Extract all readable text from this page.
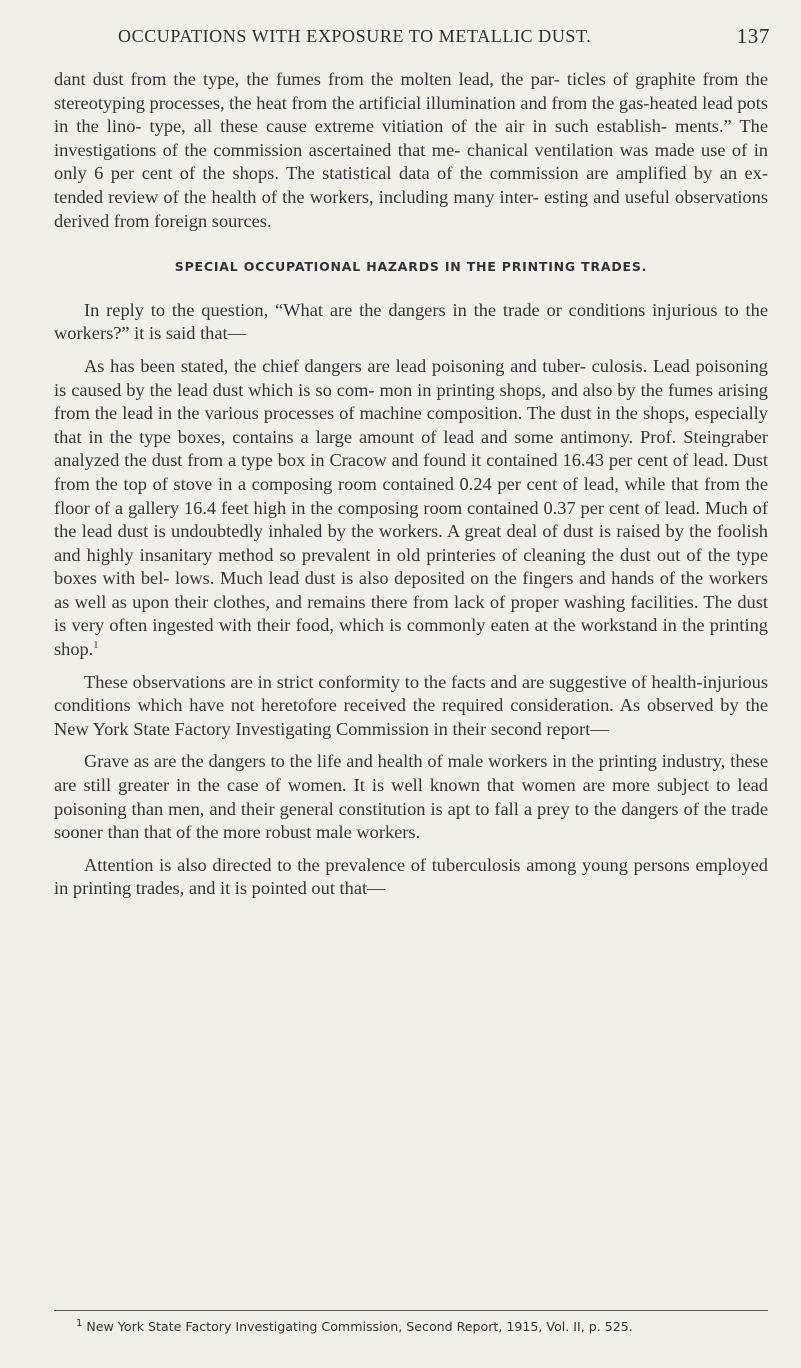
OCCUPATIONS WITH EXPOSURE TO METALLIC DUST.	137

dant dust from the type, the fumes from the molten lead, the par- ticles of graphite from the stereotyping processes, the heat from the artificial illumination and from the gas-heated lead pots in the lino- type, all these cause extreme vitiation of the air in such establish- ments.” The investigations of the commission ascertained that me- chanical ventilation was made use of in only 6 per cent of the shops. The statistical data of the commission are amplified by an ex- tended review of the health of the workers, including many inter- esting and useful observations derived from foreign sources.

SPECIAL OCCUPATIONAL HAZARDS IN THE PRINTING TRADES.

In reply to the question, “What are the dangers in the trade or conditions injurious to the workers?” it is said that—

As has been stated, the chief dangers are lead poisoning and tuber- culosis. Lead poisoning is caused by the lead dust which is so com- mon in printing shops, and also by the fumes arising from the lead in the various processes of machine composition. The dust in the shops, especially that in the type boxes, contains a large amount of lead and some antimony. Prof. Steingraber analyzed the dust from a type box in Cracow and found it contained 16.43 per cent of lead. Dust from the top of stove in a composing room contained 0.24 per cent of lead, while that from the floor of a gallery 16.4 feet high in the composing room contained 0.37 per cent of lead. Much of the lead dust is undoubtedly inhaled by the workers. A great deal of dust is raised by the foolish and highly insanitary method so prevalent in old printeries of cleaning the dust out of the type boxes with bel- lows. Much lead dust is also deposited on the fingers and hands of the workers as well as upon their clothes, and remains there from lack of proper washing facilities. The dust is very often ingested with their food, which is commonly eaten at the workstand in the printing shop.$^1$

These observations are in strict conformity to the facts and are suggestive of health-injurious conditions which have not heretofore received the required consideration. As observed by the New York State Factory Investigating Commission in their second report—

Grave as are the dangers to the life and health of male workers in the printing industry, these are still greater in the case of women. It is well known that women are more subject to lead poisoning than men, and their general constitution is apt to fall a prey to the dangers of the trade sooner than that of the more robust male workers.

Attention is also directed to the prevalence of tuberculosis among young persons employed in printing trades, and it is pointed out that—

$^1$ New York State Factory Investigating Commission, Second Report, 1915, Vol. II, p. 525.
